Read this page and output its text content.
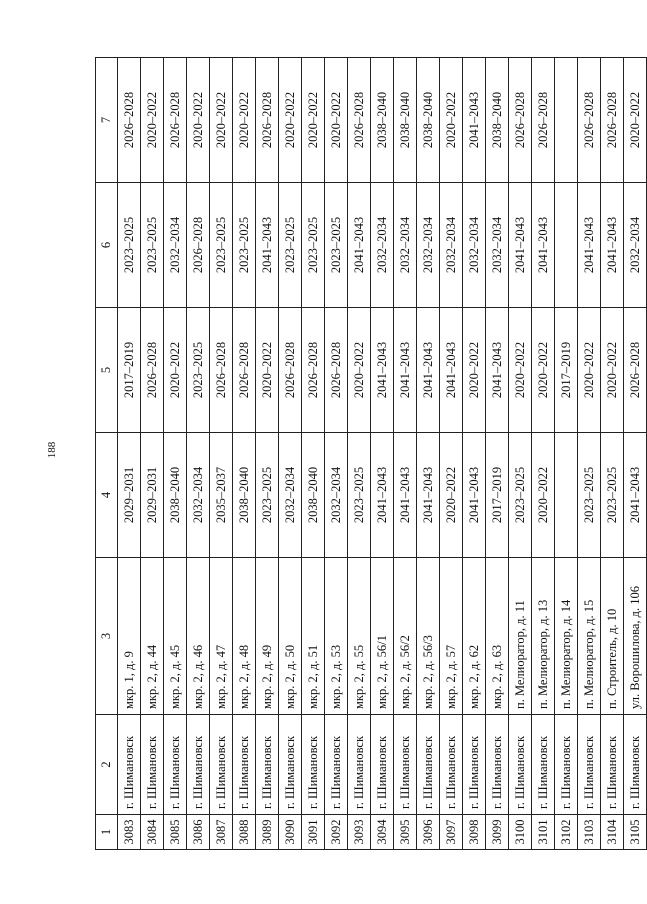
188
1	2	3	4	5	6	7
3083	г. Шимановск	мкр. 1, д. 9	2029–2031	2017–2019	2023–2025	2026–2028
3084	г. Шимановск	мкр. 2, д. 44	2029–2031	2026–2028	2023–2025	2020–2022
3085	г. Шимановск	мкр. 2, д. 45	2038–2040	2020–2022	2032–2034	2026–2028
3086	г. Шимановск	мкр. 2, д. 46	2032–2034	2023–2025	2026–2028	2020–2022
3087	г. Шимановск	мкр. 2, д. 47	2035–2037	2026–2028	2023–2025	2020–2022
3088	г. Шимановск	мкр. 2, д. 48	2038–2040	2026–2028	2023–2025	2020–2022
3089	г. Шимановск	мкр. 2, д. 49	2023–2025	2020–2022	2041–2043	2026–2028
3090	г. Шимановск	мкр. 2, д. 50	2032–2034	2026–2028	2023–2025	2020–2022
3091	г. Шимановск	мкр. 2, д. 51	2038–2040	2026–2028	2023–2025	2020–2022
3092	г. Шимановск	мкр. 2, д. 53	2032–2034	2026–2028	2023–2025	2020–2022
3093	г. Шимановск	мкр. 2, д. 55	2023–2025	2020–2022	2041–2043	2026–2028
3094	г. Шимановск	мкр. 2, д. 56/1	2041–2043	2041–2043	2032–2034	2038–2040
3095	г. Шимановск	мкр. 2, д. 56/2	2041–2043	2041–2043	2032–2034	2038–2040
3096	г. Шимановск	мкр. 2, д. 56/3	2041–2043	2041–2043	2032–2034	2038–2040
3097	г. Шимановск	мкр. 2, д. 57	2020–2022	2041–2043	2032–2034	2020–2022
3098	г. Шимановск	мкр. 2, д. 62	2041–2043	2020–2022	2032–2034	2041–2043
3099	г. Шимановск	мкр. 2, д. 63	2017–2019	2041–2043	2032–2034	2038–2040
3100	г. Шимановск	п. Мелиоратор, д. 11	2023–2025	2020–2022	2041–2043	2026–2028
3101	г. Шимановск	п. Мелиоратор, д. 13	2020–2022	2020–2022	2041–2043	2026–2028
3102	г. Шимановск	п. Мелиоратор, д. 14		2017–2019		
3103	г. Шимановск	п. Мелиоратор, д. 15	2023–2025	2020–2022	2041–2043	2026–2028
3104	г. Шимановск	п. Строитель, д. 10	2023–2025	2020–2022	2041–2043	2026–2028
3105	г. Шимановск	ул. Ворошилова, д. 106	2041–2043	2026–2028	2032–2034	2020–2022
